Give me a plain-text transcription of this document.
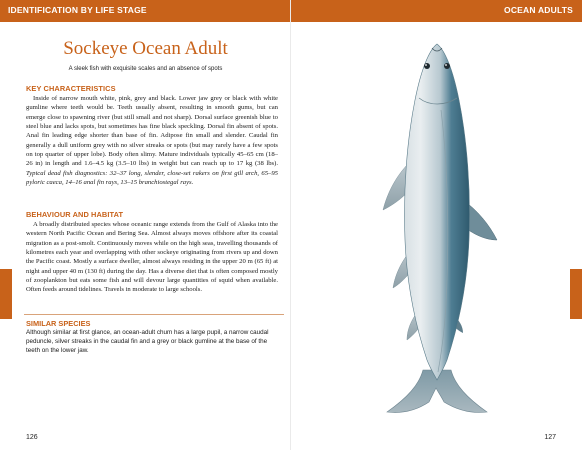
IDENTIFICATION BY LIFE STAGE
Sockeye Ocean Adult
A sleek fish with exquisite scales and an absence of spots
KEY CHARACTERISTICS

Inside of narrow mouth white, pink, grey and black. Lower jaw grey or black with white gumline where teeth would be. Teeth usually absent, resulting in smooth gums, but can emerge close to spawning river (but still small and not sharp). Dorsal surface greenish blue to steel blue and lacks spots, but sometimes has fine black speckling. Dorsal fin absent of spots. Anal fin leading edge shorter than base of fin. Adipose fin small and slender. Caudal fin generally a dull uniform grey with no silver streaks or spots (but may rarely have a few spots on top quarter of upper lobe). Body often slimy. Mature individuals typically 45–65 cm (18–26 in) in length and 1.6–4.5 kg (3.5–10 lbs) in weight but can reach up to 17 kg (38 lbs). Typical dead fish diagnostics: 32–37 long, slender, close-set rakers on first gill arch, 65–95 pyloric caeca, 14–16 anal fin rays, 13–15 branchiostegal rays.

BEHAVIOUR AND HABITAT

A broadly distributed species whose oceanic range extends from the Gulf of Alaska into the western North Pacific Ocean and Bering Sea. Almost always moves offshore after its coastal migration as a post-smolt. Continuously moves while on the high seas, travelling thousands of kilometres each year and overlapping with other sockeye originating from rivers up and down the Pacific coast. Mostly a surface dweller, almost always residing in the upper 20 m (65 ft) at night and upper 40 m (130 ft) during the day. Has a diverse diet that is often composed mostly of zooplankton but eats some fish and will devour large quantities of squid when available. Often feeds around tidelines. Travels in moderate to large schools.

SIMILAR SPECIES

Although similar at first glance, an ocean-adult chum has a large pupil, a narrow caudal peduncle, silver streaks in the caudal fin and a grey or black gumline at the base of the teeth on the lower jaw.

126
OCEAN ADULTS
127
